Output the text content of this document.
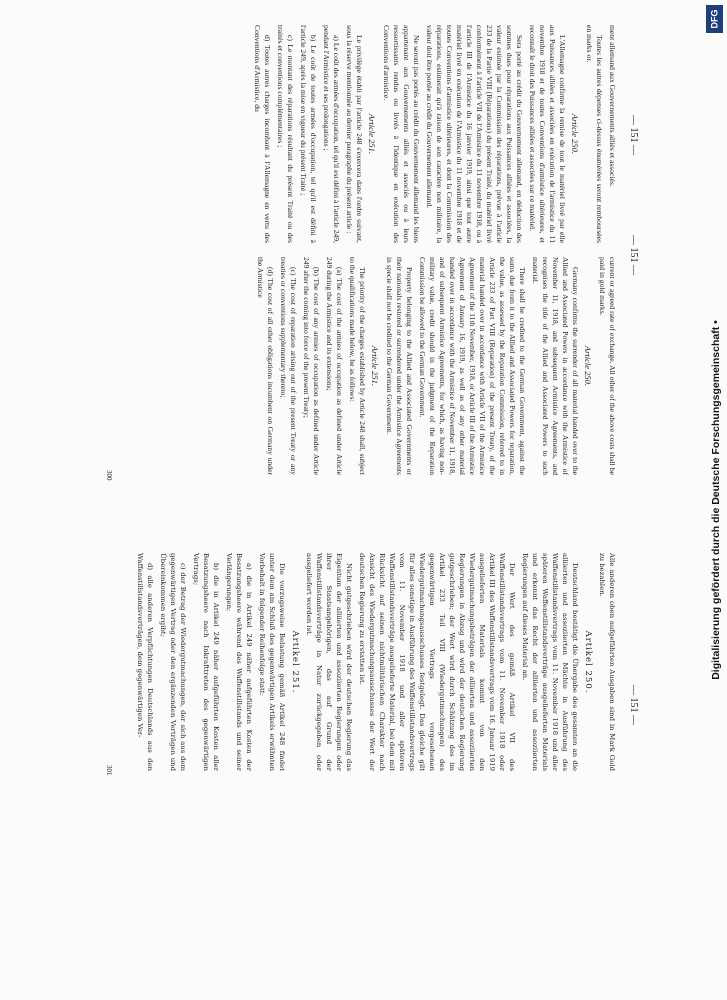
— 151 —
— 151 —
— 151 —

ment allemand aux Gouvernements alliés et associés.

Toutes les autres dépenses ci-dessus énumérées seront remboursées en marks or.

Article 250.

L'Allemagne confirme la remise de tout le matériel livré par elle aux Puissances alliées et associées en exécution de l'armistice du 11 novembre 1918 et de toutes Conventions d'armistice ultérieures, et reconnaît le droit des Puissances alliées et associées sur ce matériel.

Sera porté au crédit du Gouvernement allemand, en déduction des sommes dues pour réparations aux Puissances alliées et associées, la valeur estimée par la Commission des réparations, prévue à l'article 233 de la Partie VIII (Réparations) du présent Traité, du matériel livré conformément à l'article VII de l'Armistice du 11 novembre 1918, ou à l'article III de l'Armistice du 16 janvier 1919, ainsi que tout autre matériel livré en exécution de l'Armistice du 11 novembre 1918 et de toutes Conventions d'armistice ultérieures, et dont la Commission des réparations, estimerait qu'à raison de son caractère non militaire, la valeur doit être portée au crédit du Gouvernement allemand.

Ne seront pas portés au crédit du Gouvernement allemand les biens appartenant aux Gouvernements alliés et associés ou à leurs ressortissants rendus ou livrés à l'identique en exécution des Conventions d'armistice.

Article 251.

Le privilège établi par l'article 248 s'exercera dans l'ordre suivant, sous la réserve mentionnée au dernier paragraphe du présent article :

a) Le coût des armées d'occupation, tel qu'il est défini à l'article 249, pendant l'Armistice et ses prolongations ;

b) Le coût de toutes armées d'occupation, tel qu'il est défini à l'article 249, après la mise en vigueur du présent Traité ;

c) Le montant des réparations résultant du présent Traité ou des traités et conventions complémentaires ;

d) Toutes autres charges incombant à l'Allemagne en vertu des Conventions d'Armistice, du

current or agreed rate of exchange. All other of the above costs shall be paid in gold marks.

Article 250.

Germany confirms the surrender of all material handed over to the Allied and Associated Powers in accordance with the Armistice of November 11, 1918, and subsequent Armistice Agreements, and recognises the title of the Allied and Associated Powers to such material.

There shall be credited to the German Government, against the sums due from it to the Allied and Associated Powers for reparation, the value, as assessed by the Reparation Commission, referred to in Article 233 of Part VIII (Reparation) of the present Treaty, of the material handed over in accordance with Article VII of the Armistice Agreement of the 11th November, 1918, or Article III of the Armistice Agreement of January 16, 1919, as well as of any other material handed over in accordance with the Armistice of November 11, 1918, and of subsequent Armistice Agreements, for which, as having non-military value, credit should in the judgment of the Reparation Commission be allowed to the German Government.

Property belonging to the Allied and Associated Governments or their nationals restored or surrendered under the Armistice Agreements in specie shall not be credited to the German Government.

Article 251.

The priority of the charges established by Article 248 shall, subject to the qualifications made below, be as follows:

(a) The cost of the armies of occupation as defined under Article 249 during the Armistice and its extensions;

(b) The cost of any armies of occupation as defined under Article 249 after the coming into force of the present Treaty;

(c) The cost of reparation arising out of the present Treaty or any treaties or conventions supplementary thereto;

(d) The cost of all other obligations incumbent on Germany under the Armistice

Alle anderen oben aufgeführten Ausgaben sind in Mark Gold zu bezahlen.

Artikel 250.

Deutschland bestätigt die Übergabe des gesamten an die alliierten und assoziierten Mächte in Ausführung des Waffenstillstandsvertrags vom 11. November 1918 und aller späteren Waffenstillstandsverträge ausgelieferten Materials und erkennt das Recht der alliierten und assoziierten Regierungen auf dieses Material an.

Der Wert des gemäß Artikel VII des Waffenstillstandsvertrags vom 11. November 1918 oder Artikel III des Waffenstillstandsvertrags vom 16. Januar 1919 ausgelieferten Materials kommt von den Wiedergutmachungsbeträgen der alliierten und assoziierten Regierungen in Abzug und wird der deutschen Regierung gutgeschrieben; der Wert wird durch Schätzung des im Artikel 233 Teil VIII (Wiedergutmachungen) des gegenwärtigen Vertrags vorgesehenen Wiedergutmachungsausschusses festgelegt. Das gleiche gilt für alles sonstige in Ausführung des Waffenstillstandsvertrags vom 11. November 1918 und aller späteren Waffenstillstandsverträge ausgelieferte Material, bei dem mit Rücksicht auf seinen nichtmilitärischen Charakter nach Ansicht des Wiedergutmachungsausschusses der Wert der deutschen Regierung zu erstatten ist.

Nicht gutgeschrieben wird der deutschen Regierung das Eigentum der alliierten und assoziierten Regierungen oder ihrer Staatsangehörigen, das auf Grund der Waffenstillstandsverträge in Natur zurückgegeben oder ausgeliefert worden ist.

Artikel 251.

Die vorzugsweise Belastung gemäß Artikel 248 findet unter dem am Schluß des gegenwärtigen Artikels erwähnten Vorbehalt in folgender Reihenfolge statt:

a) die in Artikel 249 näher aufgeführten Kosten der Besatzungsheere während des Waffenstillstands und seiner Verlängerungen;

b) die in Artikel 249 näher aufgeführten Kosten aller Besatzungsheere nach Inkrafttreten des gegenwärtigen Vertrags;

c) der Betrag der Wiedergutmachungen, der sich aus dem gegenwärtigen Vertrag oder den ergänzenden Verträgen und Übereinkommen ergibt;

d) alle anderen Verpflichtungen Deutschlands aus den Waffenstillstandsverträgen, dem gegenwärtigen Ver-

300
301
Digitalisierung gefördert durch die Deutsche Forschungsgemeinschaft •
DFG
